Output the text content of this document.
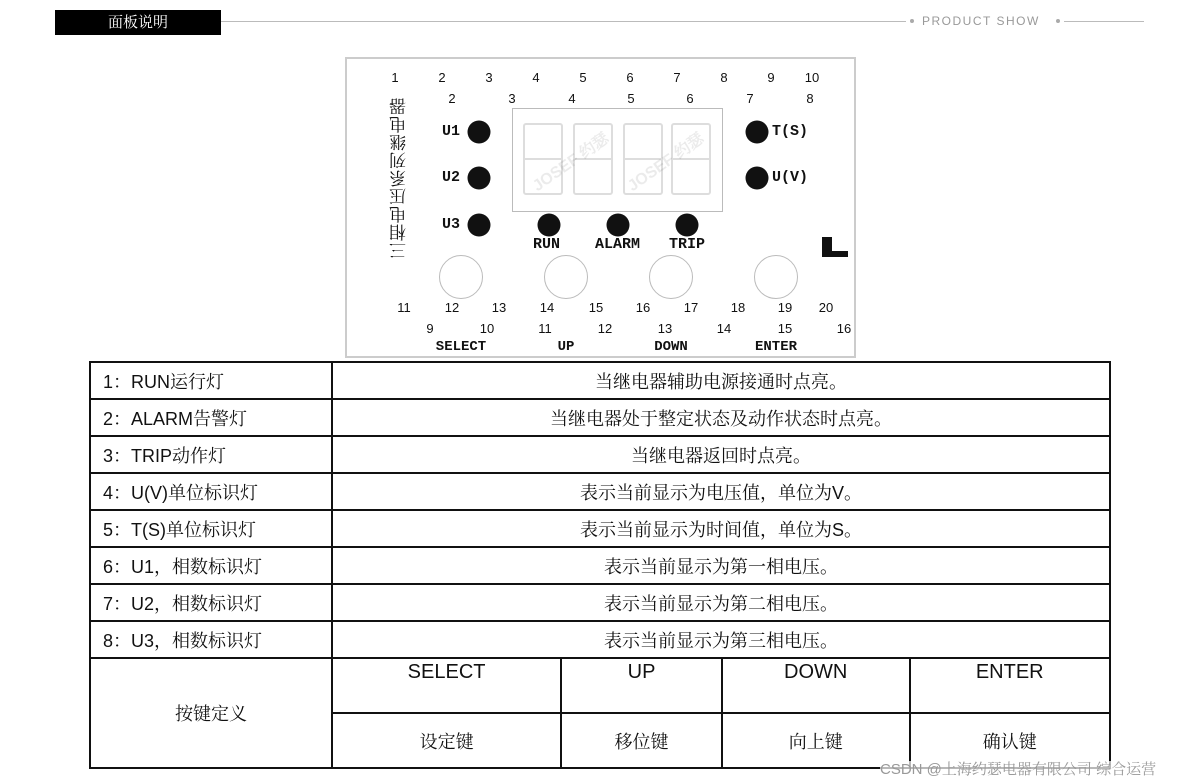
面板说明	PRODUCT SHOW
三相电压系列继电器
1	2	3	4	5	6	7	8	9 10
2	3	4	5	6	7	8
11	12	13	14	15	16	17	18	19 20
9	10	11	12	13	14	15	16
SELECT	UP	DOWN	ENTER
U1
U2
U3
RUN ALARM TRIP
T(S)
U(V)
JOSEF 约瑟 JOSEF 约瑟
1：RUN运行灯	当继电器辅助电源接通时点亮。			
2：ALARM告警灯	当继电器处于整定状态及动作状态时点亮。			
3：TRIP动作灯	当继电器返回时点亮。			
4：U(V)单位标识灯	表示当前显示为电压值，单位为V。			
5：T(S)单位标识灯	表示当前显示为时间值，单位为S。			
6：U1，相数标识灯	表示当前显示为第一相电压。			
7：U2，相数标识灯	表示当前显示为第二相电压。			
8：U3，相数标识灯	表示当前显示为第三相电压。			
按键定义	SELECT	UP	DOWN	ENTER
	设定键	移位键	向上键	确认键
CSDN @上海约瑟电器有限公司 综合运营
